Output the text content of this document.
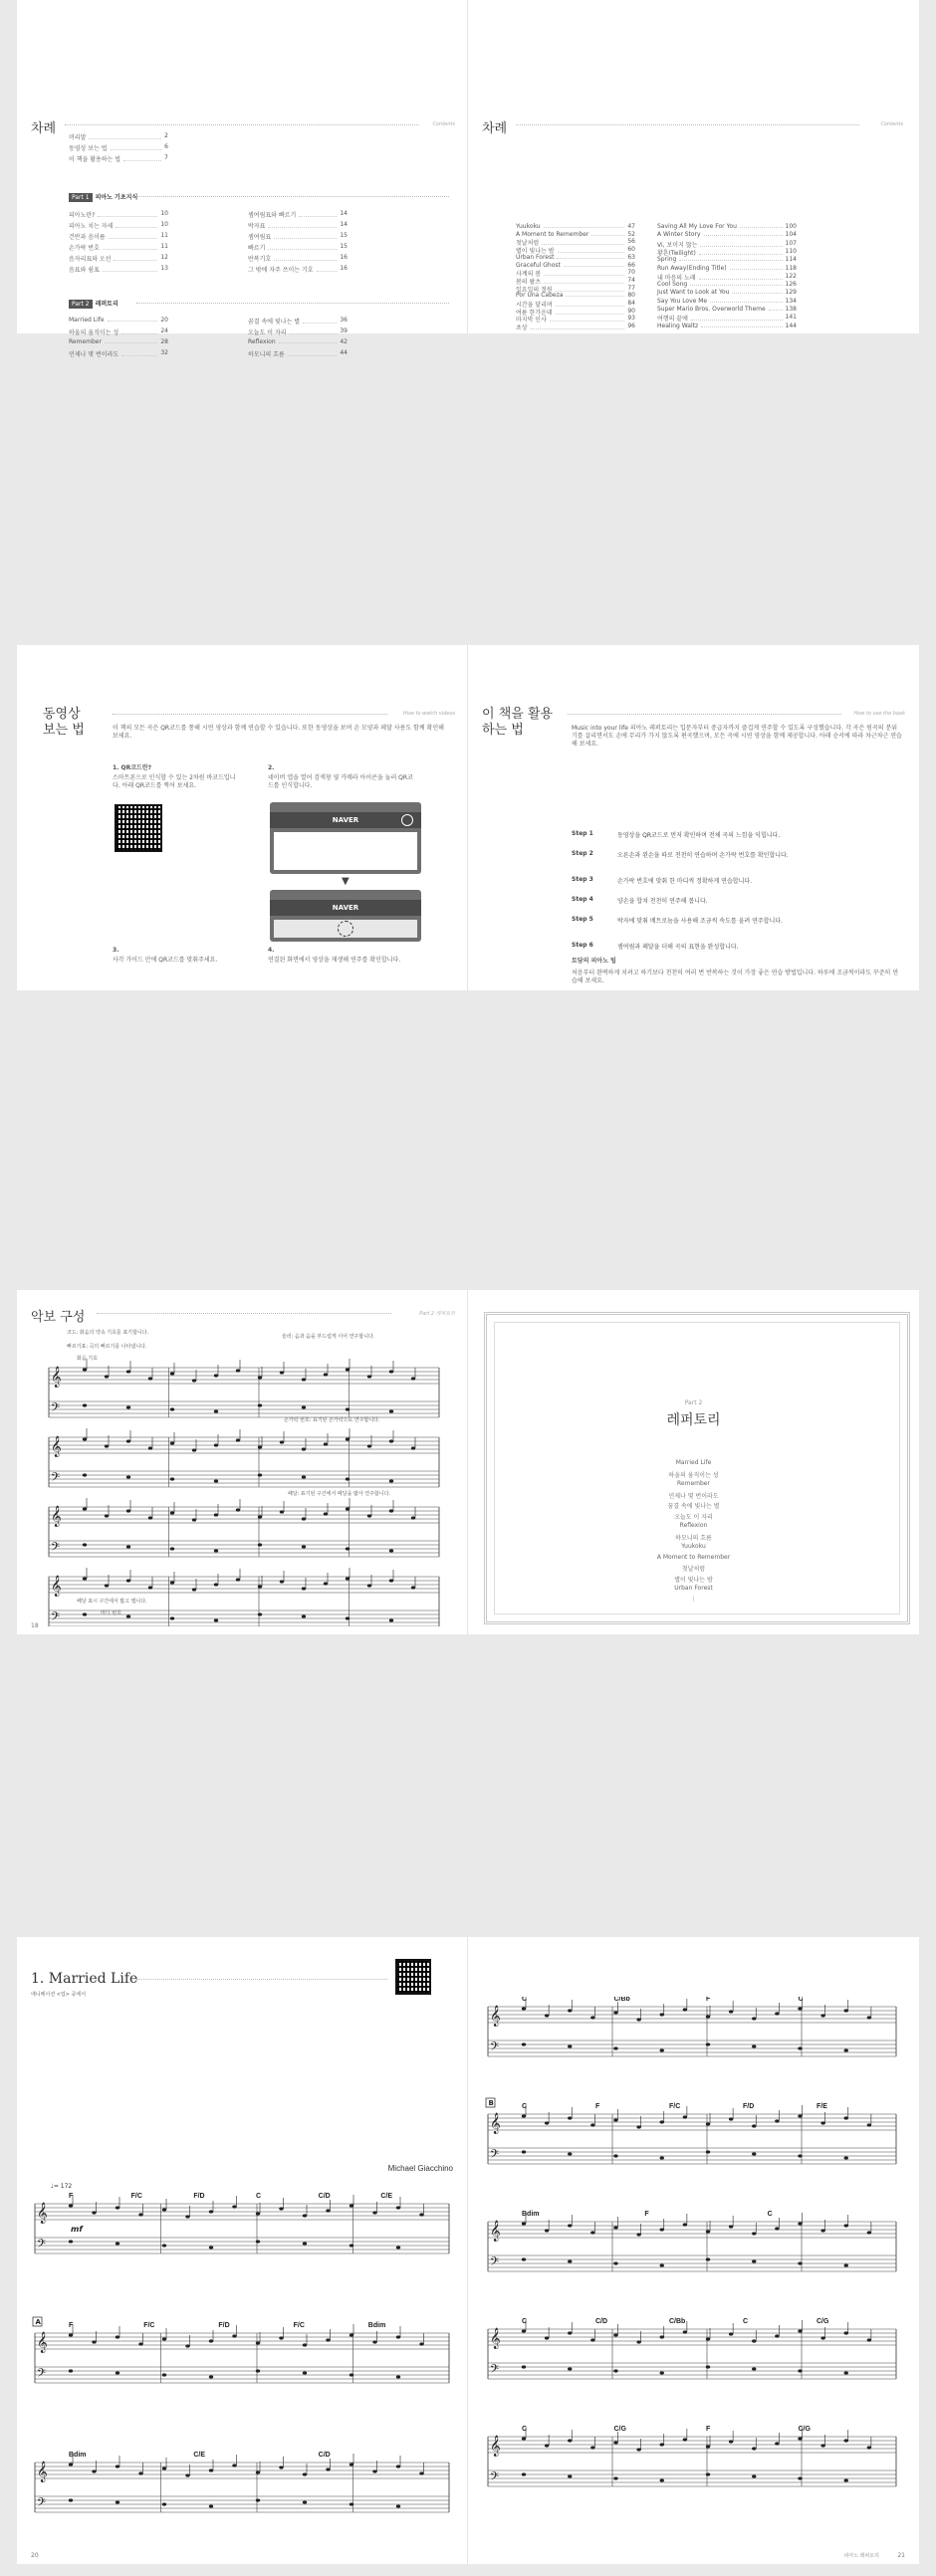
차례	Contents
머리말	2
동영상 보는 법	6
이 책을 활용하는 법	7
Part 1 피아노 기초지식
피아노란?	10
피아노 치는 자세	10
건반과 음이름	11
손가락 번호	11
음자리표와 오선	12
음표와 쉼표	13
셈여림표와 빠르기	14
박자표	14
셈여림표	15
빠르기	15
반복기호	16
그 밖에 자주 쓰이는 기호	16
Part 2 레퍼토리
Married Life	20
하울의 움직이는 성	24
Remember	28
언제나 몇 번이라도	32
꿈결 속에 빛나는 별	36
오늘도 이 자리	39
Reflexion	42
하모니의 흐름	44
차례	Contents
Yuukoku	47
A Moment to Remember	52
첫날처럼	56
별이 빛나는 밤	60
Urban Forest	63
Graceful Ghost	66
사계의 봄	70
봄의 왈츠	74
일요일의 정원	77
Por Una Cabeza	80
시간을 달리며	84
여름 한가운데	90
마지막 인사	93
초상	96
Saving All My Love For You	100
A Winter Story	104
Vi, 보이지 않는	107
황혼(Twilight)	110
Spring	114
Run Away(Ending Title)	118
내 마음의 노래	122
Cool Song	126
Just Want to Look at You	129
Say You Love Me	134
Super Mario Bros. Overworld Theme	138
여행의 끝에	141
Healing Waltz	144
동영상
보는 법
How to watch videos
이 책의 모든 곡은 QR코드를 통해 시연 영상과 함께 연습할 수 있습니다. 또한 동영상을 보며 손 모양과 페달 사용도 함께 확인해 보세요.
1. QR코드란?
스마트폰으로 인식할 수 있는 2차원 바코드입니다. 아래 QR코드를 찍어 보세요.
2.
네이버 앱을 열어 검색창 옆 카메라 아이콘을 눌러 QR코드를 인식합니다.
NAVER
▼
NAVER
3.
사각 가이드 안에 QR코드를 맞춰주세요.
4.
연결된 화면에서 영상을 재생해 연주를 확인합니다.
이 책을 활용
하는 법
How to use the book
Music into your life 피아노 레퍼토리는 입문자부터 중급자까지 즐겁게 연주할 수 있도록 구성했습니다. 각 곡은 원곡의 분위기를 살리면서도 손에 무리가 가지 않도록 편곡했으며, 모든 곡에 시연 영상을 함께 제공합니다. 아래 순서에 따라 차근차근 연습해 보세요.
Step 1	동영상을 QR코드로 먼저 확인하며 전체 곡의 느낌을 익힙니다.
Step 2	오른손과 왼손을 따로 천천히 연습하며 손가락 번호를 확인합니다.
Step 3	손가락 번호에 맞춰 한 마디씩 정확하게 연습합니다.
Step 4	양손을 합쳐 천천히 연주해 봅니다.
Step 5	박자에 맞춰 메트로놈을 사용해 조금씩 속도를 올려 연주합니다.
Step 6	셈여림과 페달을 더해 곡의 표현을 완성합니다.
토담의 피아노 팁
처음부터 완벽하게 치려고 하기보다 천천히 여러 번 반복하는 것이 가장 좋은 연습 방법입니다. 하루에 조금씩이라도 꾸준히 연습해 보세요.
악보 구성	Part 2 레퍼토리
𝄞
𝄢
𝄞
𝄢
𝄞
𝄢
𝄞
𝄢
코드: 화음의 약속 기호를 표기합니다.
빠르기표: 곡의 빠르기를 나타냅니다.
화음 기호
슬러: 음과 음을 부드럽게 이어 연주합니다.
손가락 번호: 표기된 손가락으로 연주합니다.
페달: 표기된 구간에서 페달을 밟아 연주합니다.
페달 표시 구간에서 밟고 뗍니다.
마디 번호
18
Part 2
레퍼토리
Married Life
하울의 움직이는 성
Remember
언제나 몇 번이라도
꿈결 속에 빛나는 별
오늘도 이 자리
Reflexion
하모니의 흐름
Yuukoku
A Moment to Remember
첫날처럼
별이 빛나는 밤
Urban Forest
⋮
1. Married Life
애니메이션 <업> 중에서
Michael Giacchino
♩= 172
𝄞
𝄢
F	F/C	F/D	C	C/D	C/E
mf
𝄞
𝄢
F	F/C	F/D	F/C	Bdim
A
𝄞
𝄢
Bdim	C/E	C/D
20
𝄞
𝄢
C	C/Bb	F	C
𝄞
𝄢
C	F	F/C	F/D	F/E
B
𝄞
𝄢
Bdim	F	C
𝄞
𝄢
C	C/D	C/Bb	C	C/G
𝄞
𝄢
C	C/G	F	C/G
피아노 레퍼토리	21
